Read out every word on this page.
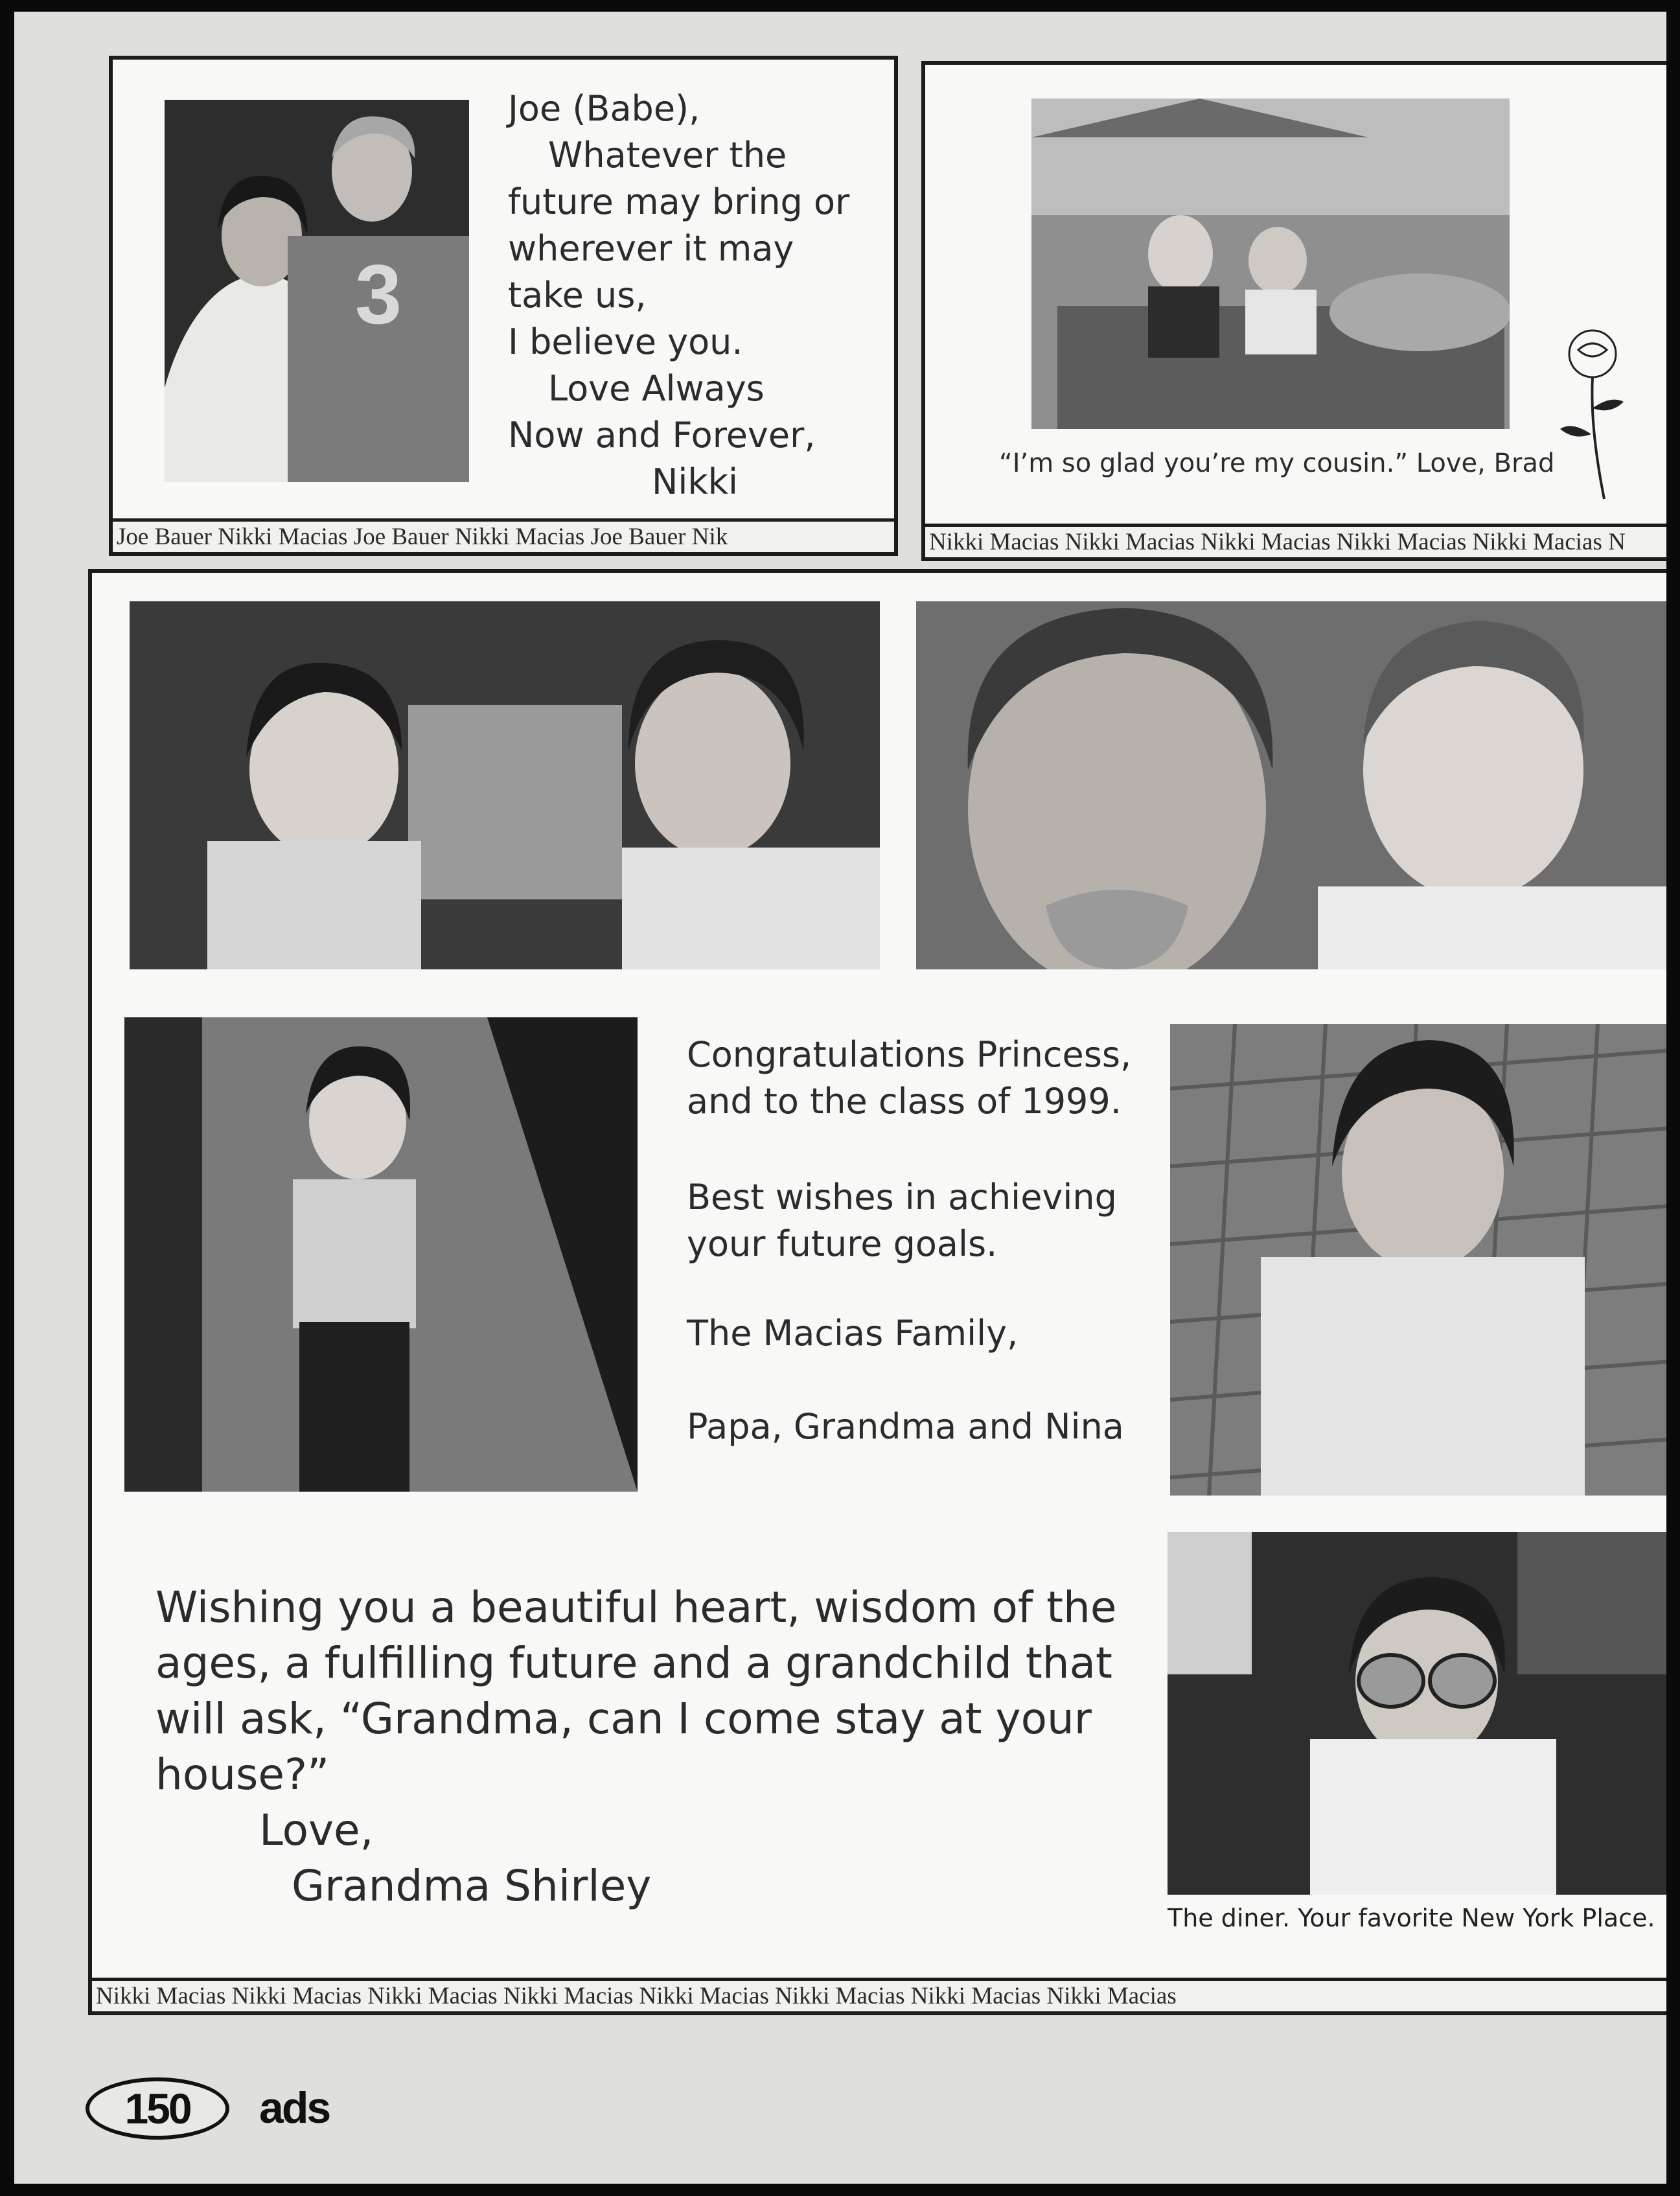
3
Joe (Babe),
Whatever the
future may bring or
wherever it may
take us,
I believe you.
Love Always
Now and Forever,
Nikki
Joe Bauer Nikki Macias Joe Bauer Nikki Macias Joe Bauer Nik
“I’m so glad you’re my cousin.” Love, Brad
Nikki Macias Nikki Macias Nikki Macias Nikki Macias Nikki Macias N
Congratulations Princess,
and to the class of 1999.
Best wishes in achieving
your future goals.
The Macias Family,
Papa, Grandma and Nina
Wishing you a beautiful heart, wisdom of the
ages, a fulfilling future and a grandchild that
will ask, “Grandma, can I come stay at your
house?”
Love,
Grandma Shirley
The diner. Your favorite New York Place.
Nikki Macias Nikki Macias Nikki Macias Nikki Macias Nikki Macias Nikki Macias Nikki Macias Nikki Macias
150	ads
